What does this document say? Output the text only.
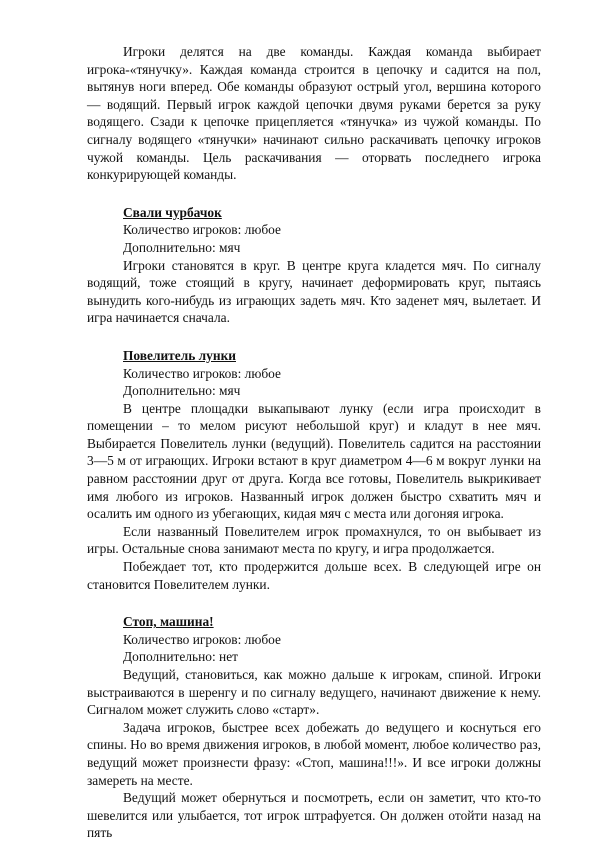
Игроки делятся на две команды. Каждая команда выбирает игрока-«тянучку». Каждая команда строится в цепочку и садится на пол, вытянув ноги вперед. Обе команды образуют острый угол, вершина которого — водящий. Первый игрок каждой цепочки двумя руками берется за руку водящего. Сзади к цепочке прицепляется «тянучка» из чужой команды. По сигналу водящего «тянучки» начинают сильно раскачивать цепочку игроков чужой команды. Цель раскачивания — оторвать последнего игрока конкурирующей команды.

Свали чурбачок

Количество игроков: любое

Дополнительно: мяч

Игроки становятся в круг. В центре круга кладется мяч. По сигналу водящий, тоже стоящий в кругу, начинает деформировать круг, пытаясь вынудить кого-нибудь из играющих задеть мяч. Кто заденет мяч, вылетает. И игра начинается сначала.

Повелитель лунки

Количество игроков: любое

Дополнительно: мяч

В центре площадки выкапывают лунку (если игра происходит в помещении – то мелом рисуют небольшой круг) и кладут в нее мяч. Выбирается Повелитель лунки (ведущий). Повелитель садится на расстоянии 3—5 м от играющих. Игроки встают в круг диаметром 4—6 м вокруг лунки на равном расстоянии друг от друга. Когда все готовы, Повелитель выкрикивает имя любого из игроков. Названный игрок должен быстро схватить мяч и осалить им одного из убегающих, кидая мяч с места или догоняя игрока.

Если названный Повелителем игрок промахнулся, то он выбывает из игры. Остальные снова занимают места по кругу, и игра продолжается.

Побеждает тот, кто продержится дольше всех. В следующей игре он становится Повелителем лунки.

Стоп, машина!

Количество игроков: любое

Дополнительно: нет

Ведущий, становиться, как можно дальше к игрокам, спиной. Игроки выстраиваются в шеренгу и по сигналу ведущего, начинают движение к нему. Сигналом может служить слово «старт».

Задача игроков, быстрее всех добежать до ведущего и коснуться его спины. Но во время движения игроков, в любой момент, любое количество раз, ведущий может произнести фразу: «Стоп, машина!!!». И все игроки должны замереть на месте.

Ведущий может обернуться и посмотреть, если он заметит, что кто-то шевелится или улыбается, тот игрок штрафуется. Он должен отойти назад на пять
